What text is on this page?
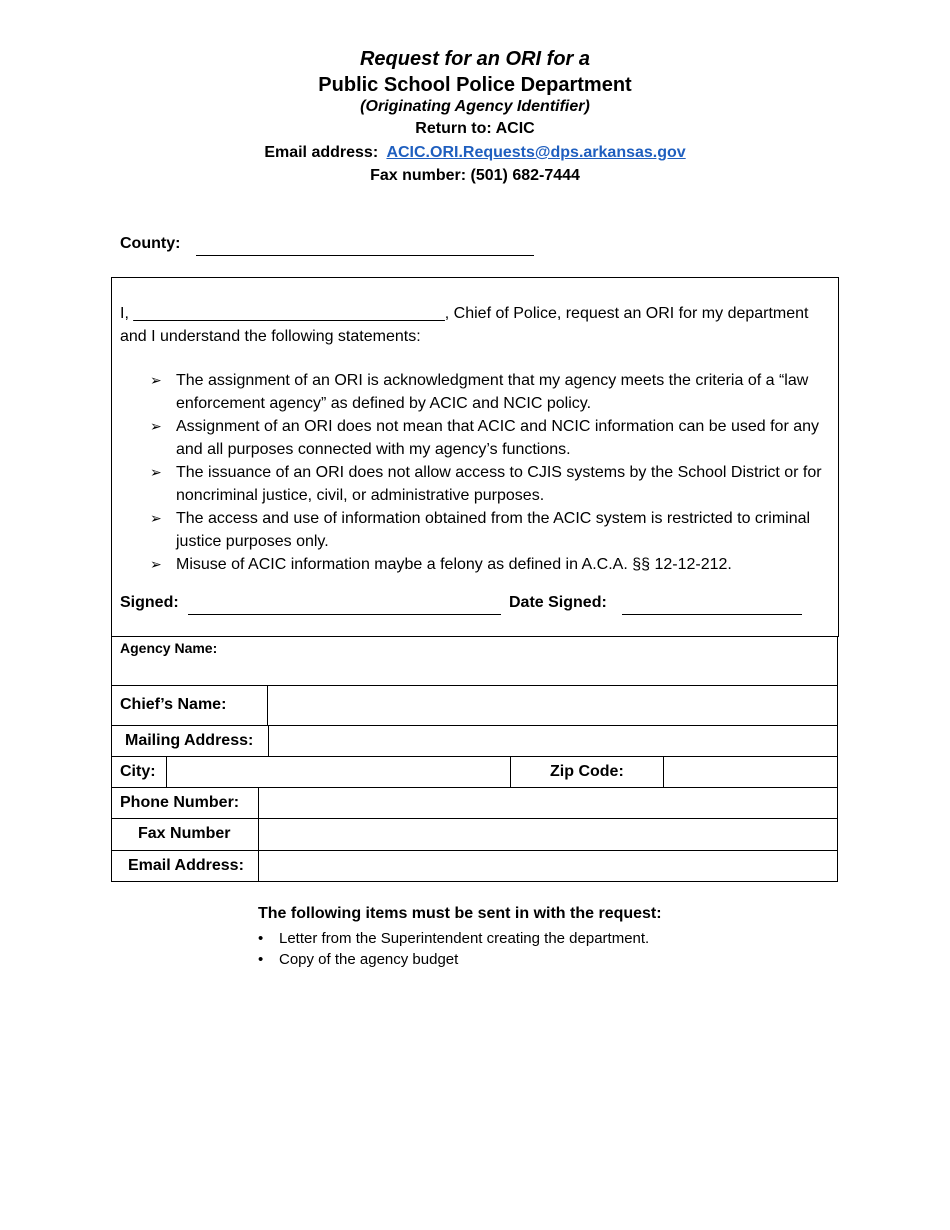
Request for an ORI for a
Public School Police Department
(Originating Agency Identifier)
Return to: ACIC
Email address:  ACIC.ORI.Requests@dps.arkansas.gov
Fax number: (501) 682-7444
County:
I, ___________________________________, Chief of Police, request an ORI for my department and I understand the following statements:
➢ The assignment of an ORI is acknowledgment that my agency meets the criteria of a “law enforcement agency” as defined by ACIC and NCIC policy.
➢ Assignment of an ORI does not mean that ACIC and NCIC information can be used for any and all purposes connected with my agency’s functions.
➢ The issuance of an ORI does not allow access to CJIS systems by the School District or for noncriminal justice, civil, or administrative purposes.
➢ The access and use of information obtained from the ACIC system is restricted to criminal justice purposes only.
➢ Misuse of ACIC information maybe a felony as defined in A.C.A. §§ 12-12-212.
Signed:	Date Signed:
Agency Name:
Chief’s Name:
Mailing Address:
City:	Zip Code:
Phone Number:
Fax Number
Email Address:
The following items must be sent in with the request:
• Letter from the Superintendent creating the department.
• Copy of the agency budget
